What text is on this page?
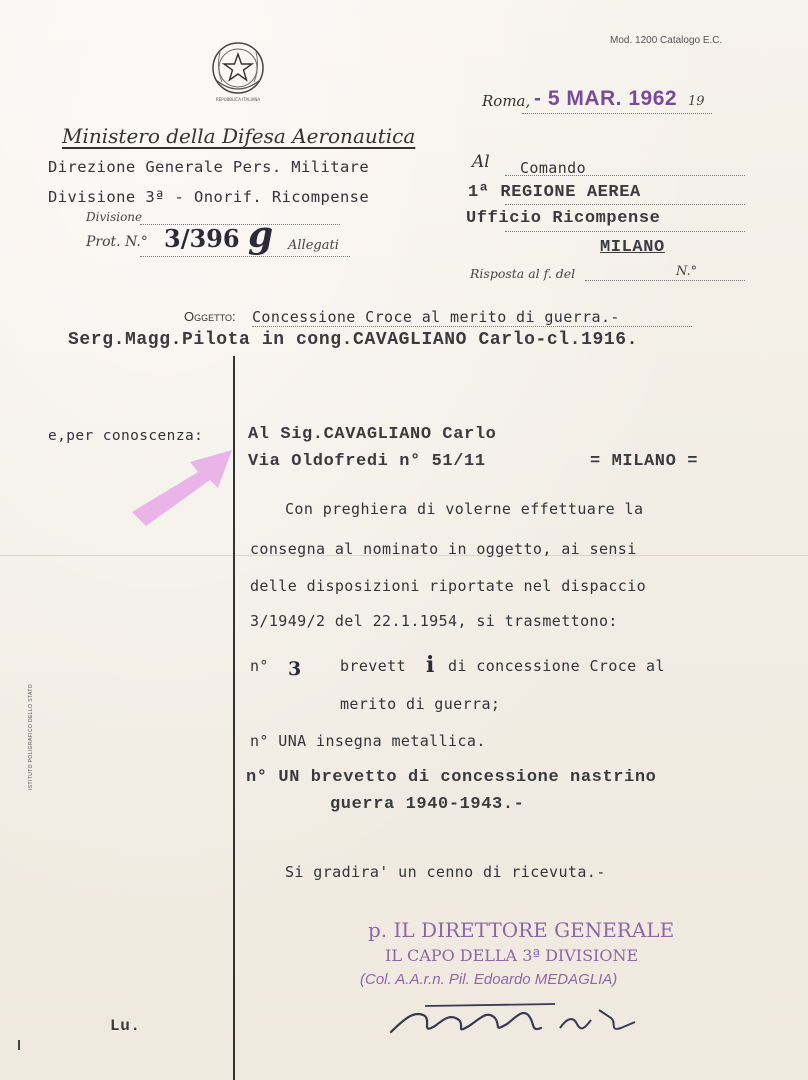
Mod. 1200 Catalogo E.C.
REPUBBLICA ITALIANA
Ministero della Difesa Aeronautica
Direzione Generale Pers. Militare
Divisione 3ª - Onorif. Ricompense
Divisione
Prot. N.° 3/396 g Allegati
Roma, - 5 MAR. 1962 19
Al Comando
1ª REGIONE AEREA
Ufficio Ricompense
MILANO
Risposta al f. del	N.°
Oggetto: Concessione Croce al merito di guerra.-
Serg.Magg.Pilota in cong.CAVAGLIANO Carlo-cl.1916.
e,per conoscenza:	Al Sig.CAVAGLIANO Carlo
Via Oldofredi n° 51/11	= MILANO =
Con preghiera di volerne effettuare la
consegna al nominato in oggetto, ai sensi
delle disposizioni riportate nel dispaccio
3/1949/2 del 22.1.1954, si trasmettono:
n° 3	brevett i di concessione Croce al
merito di guerra;
n° UNA insegna metallica.
n° UN brevetto di concessione nastrino
guerra 1940-1943.-
Si gradira' un cenno di ricevuta.-
p. IL DIRETTORE GENERALE
IL CAPO DELLA 3ª DIVISIONE
(Col. A.A.r.n. Pil. Edoardo MEDAGLIA)
Lu.
ISTITUTO POLIGRAFICO DELLO STATO
